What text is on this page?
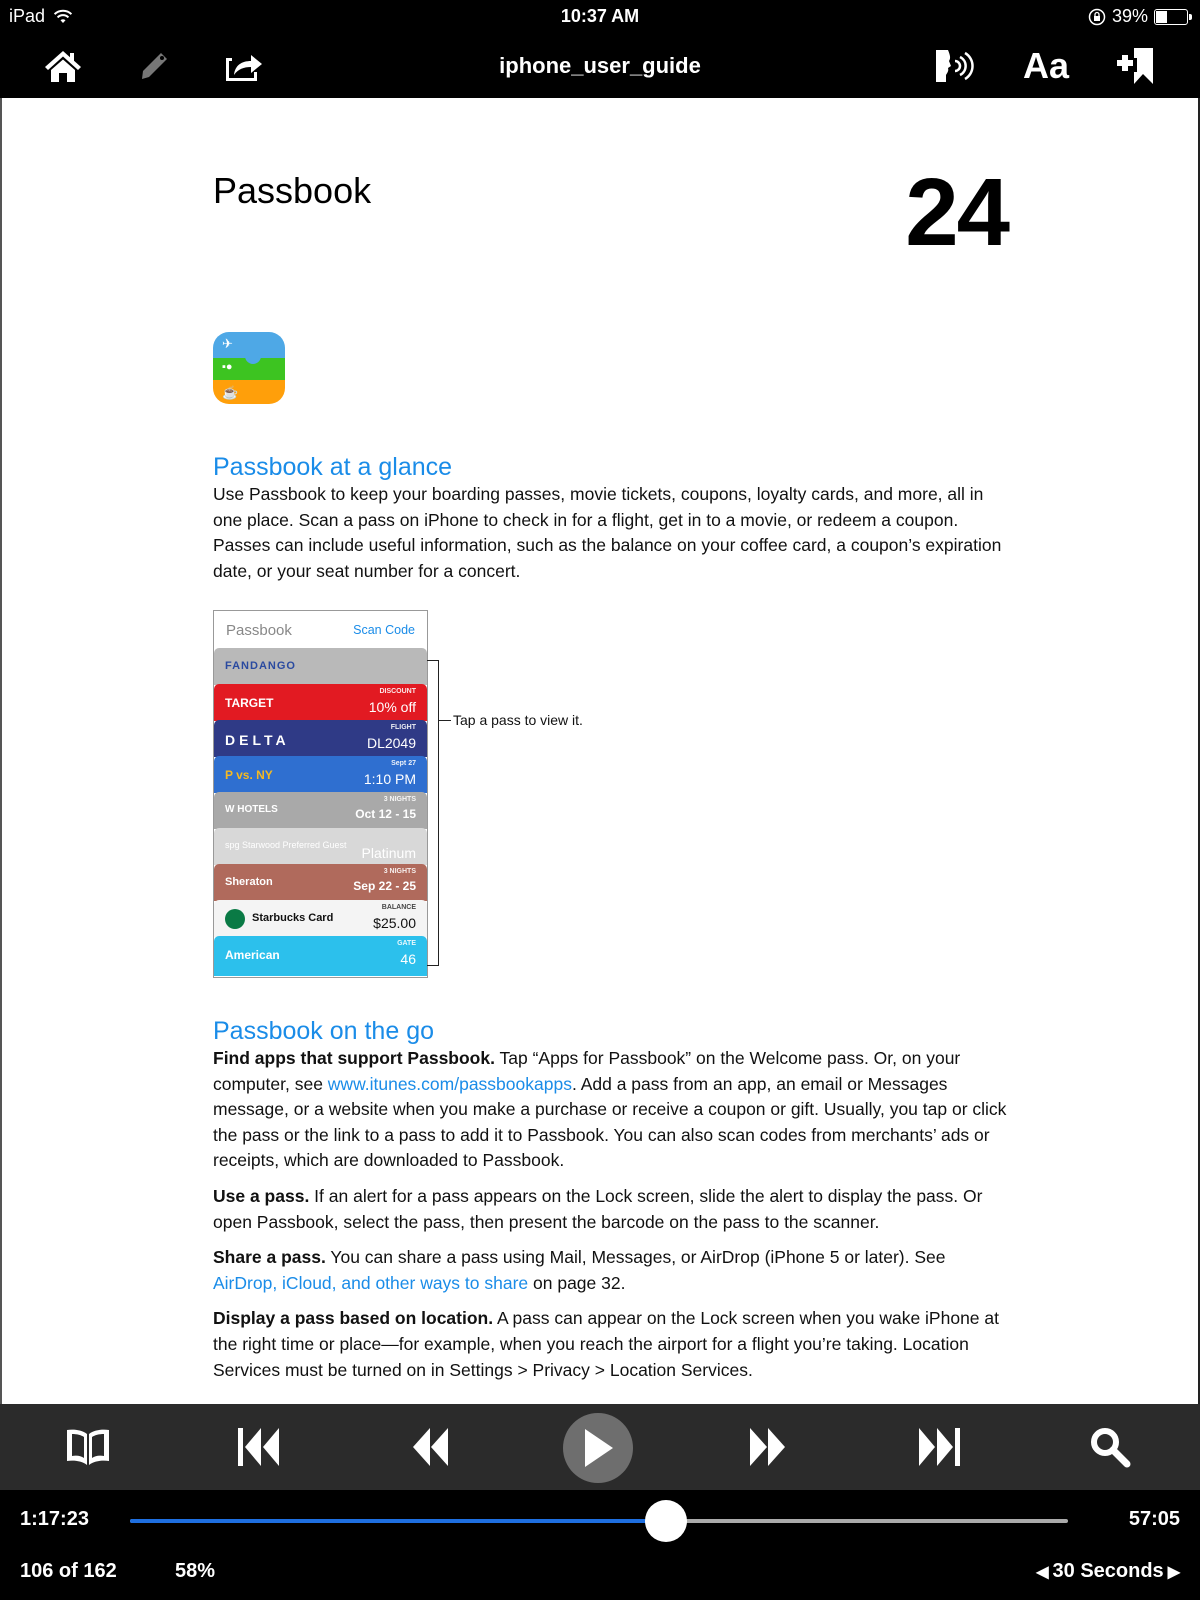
iPad	10:37 AM	39%
iphone_user_guide	Aa
Passbook	24
✈
▪●
☕
Passbook at a glance

Use Passbook to keep your boarding passes, movie tickets, coupons, loyalty cards, and more, all in one place. Scan a pass on iPhone to check in for a flight, get in to a movie, or redeem a coupon. Passes can include useful information, such as the balance on your coffee card, a coupon’s expiration date, or your seat number for a concert.

Passbook	Scan Code
FANDANGO
TARGET
DISCOUNT
10% off
DELTA
FLIGHT
DL2049
P vs. NY
Sept 27
1:10 PM
W HOTELS
3 NIGHTS
Oct 12 - 15
spg Starwood Preferred Guest Platinum
Sheraton
3 NIGHTS
Sep 22 - 25
Starbucks Card
BALANCE
$25.00
American
GATE
46
Tap a pass to view it.
Passbook on the go

Find apps that support Passbook. Tap “Apps for Passbook” on the Welcome pass. Or, on your computer, see www.itunes.com/passbookapps. Add a pass from an app, an email or Messages message, or a website when you make a purchase or receive a coupon or gift. Usually, you tap or click the pass or the link to a pass to add it to Passbook. You can also scan codes from merchants’ ads or receipts, which are downloaded to Passbook.

Use a pass. If an alert for a pass appears on the Lock screen, slide the alert to display the pass. Or open Passbook, select the pass, then present the barcode on the pass to the scanner.

Share a pass. You can share a pass using Mail, Messages, or AirDrop (iPhone 5 or later). See AirDrop, iCloud, and other ways to share on page 32.

Display a pass based on location. A pass can appear on the Lock screen when you wake iPhone at the right time or place—for example, when you reach the airport for a flight you’re taking. Location Services must be turned on in Settings > Privacy > Location Services.

1:17:23	57:05
106 of 162	58%	◀ 30 Seconds ▶
